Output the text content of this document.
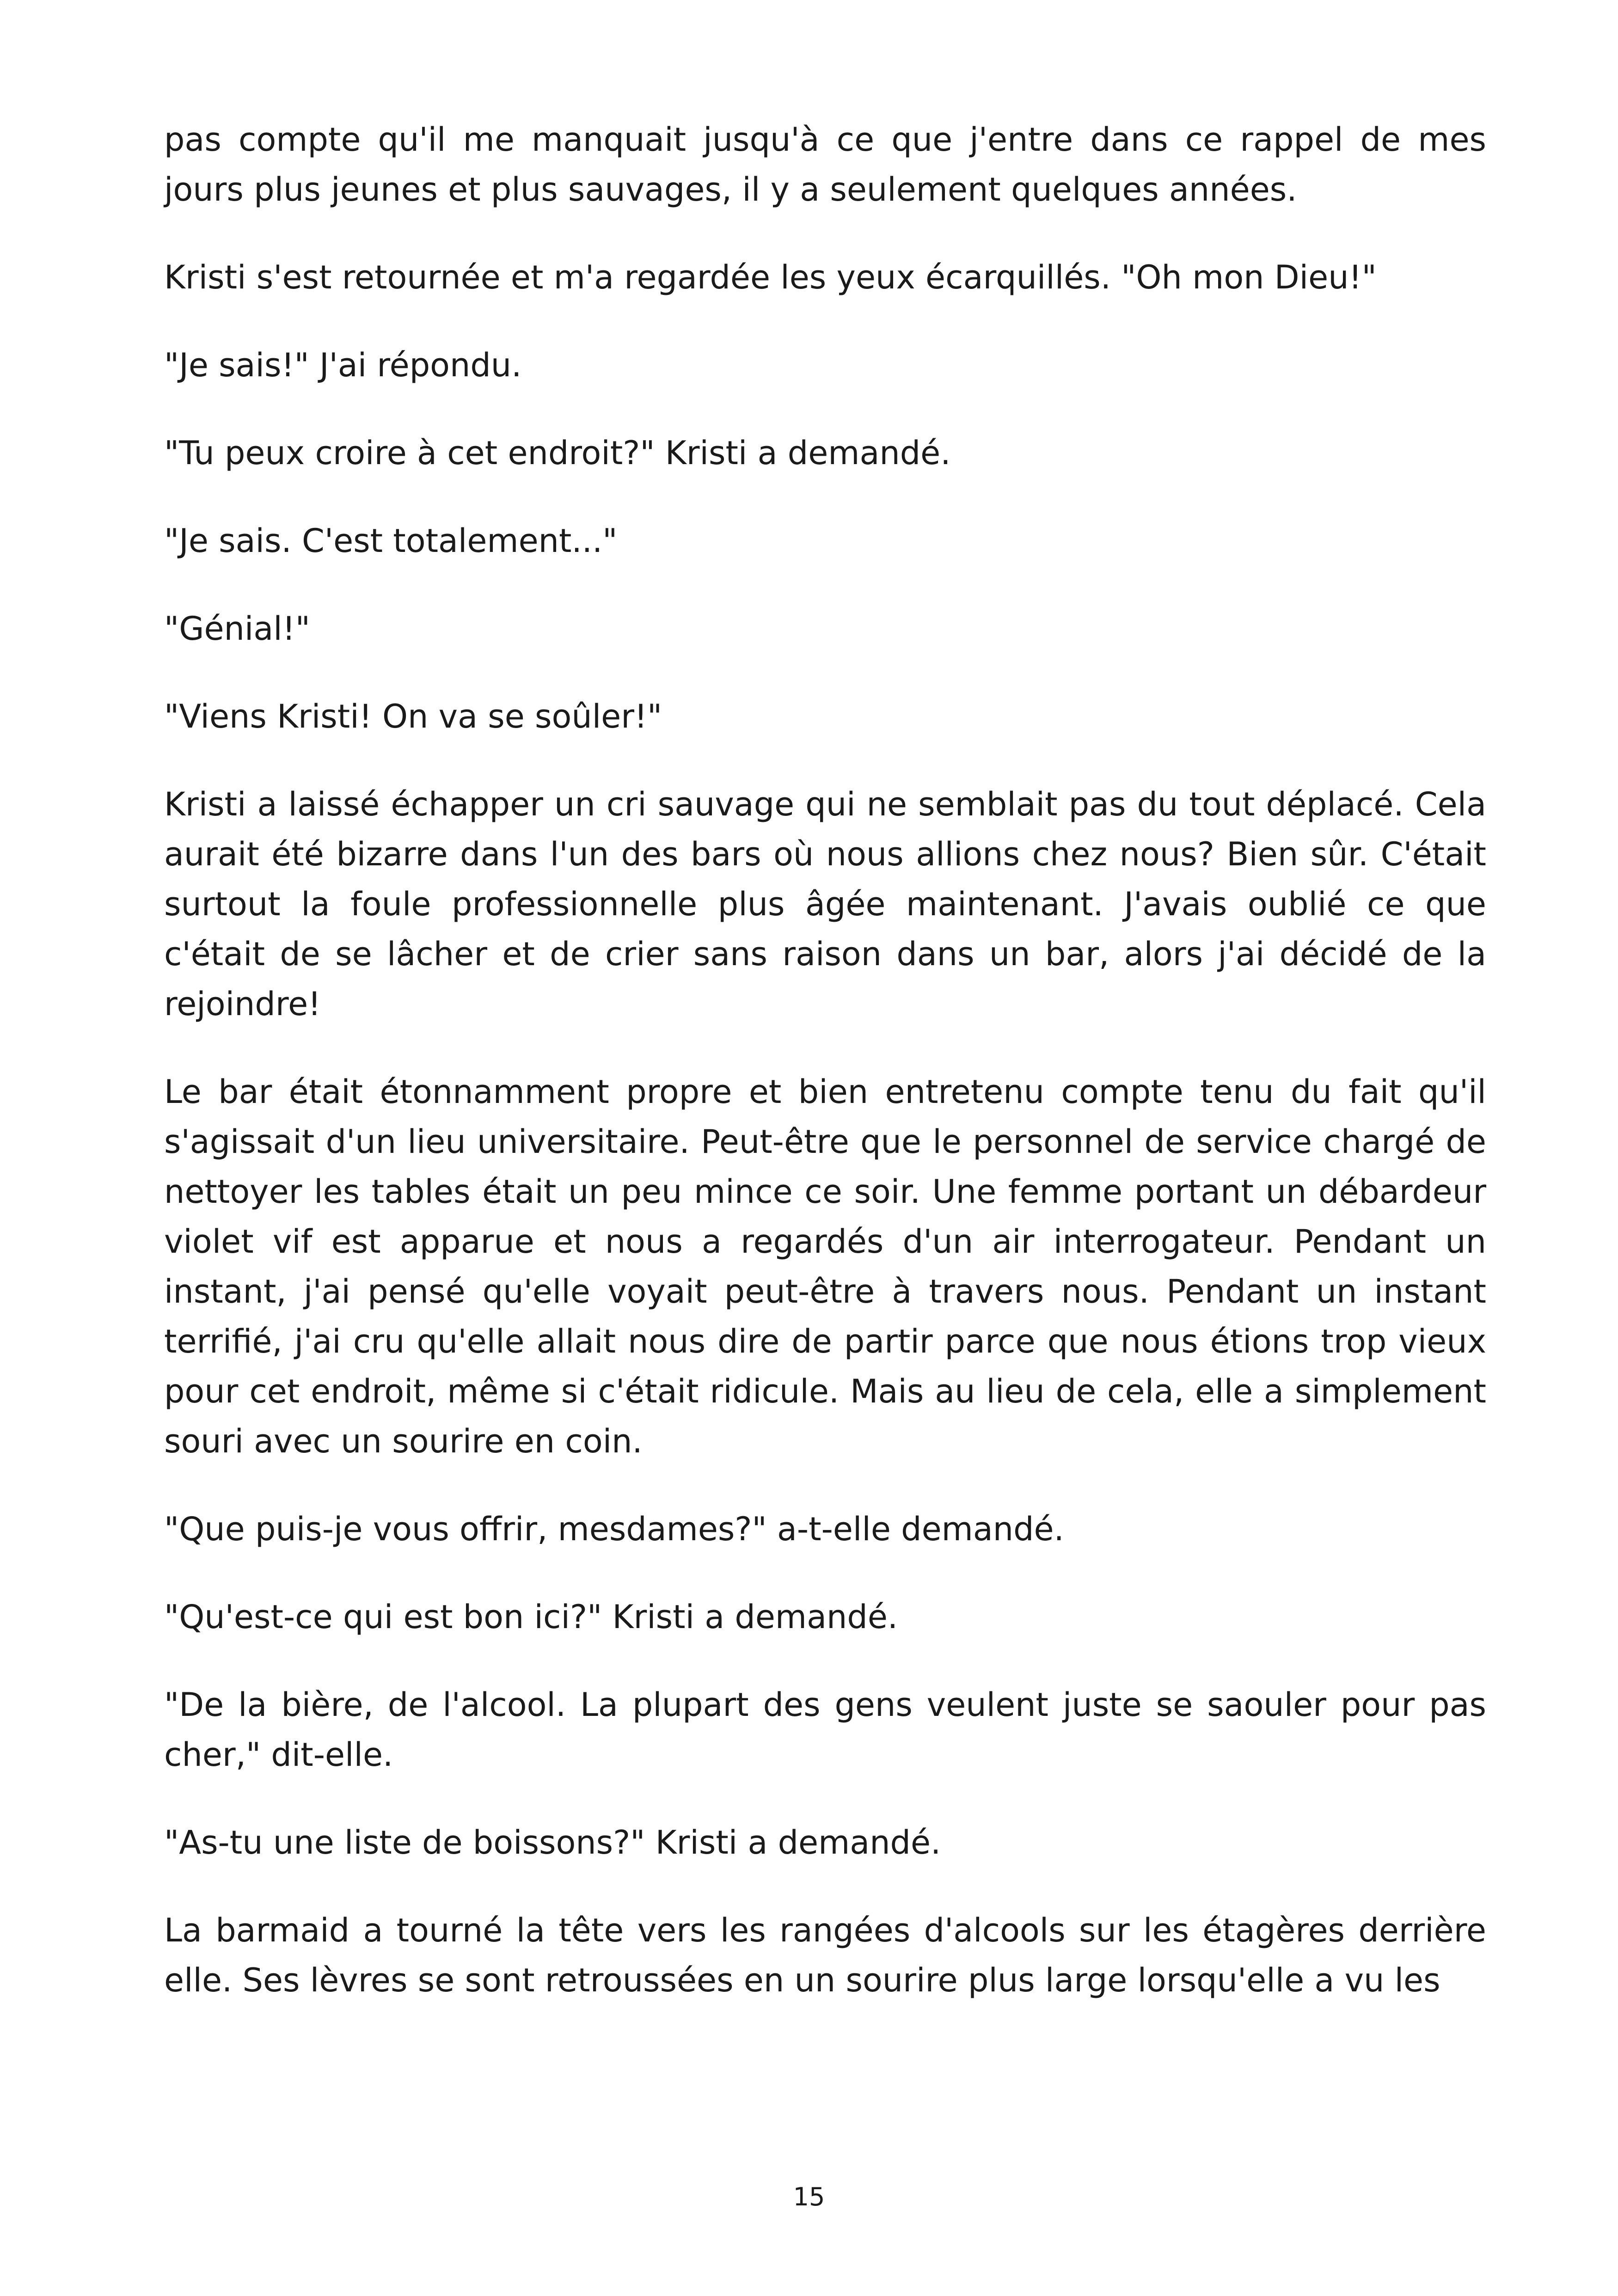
pas compte qu'il me manquait jusqu'à ce que j'entre dans ce rappel de mes jours plus jeunes et plus sauvages, il y a seulement quelques années.

Kristi s'est retournée et m'a regardée les yeux écarquillés. "Oh mon Dieu!"

"Je sais!" J'ai répondu.

"Tu peux croire à cet endroit?" Kristi a demandé.

"Je sais. C'est totalement..."

"Génial!"

"Viens Kristi! On va se soûler!"

Kristi a laissé échapper un cri sauvage qui ne semblait pas du tout déplacé. Cela aurait été bizarre dans l'un des bars où nous allions chez nous? Bien sûr. C'était surtout la foule professionnelle plus âgée maintenant. J'avais oublié ce que c'était de se lâcher et de crier sans raison dans un bar, alors j'ai décidé de la rejoindre!

Le bar était étonnamment propre et bien entretenu compte tenu du fait qu'il s'agissait d'un lieu universitaire. Peut-être que le personnel de service chargé de nettoyer les tables était un peu mince ce soir. Une femme portant un débardeur violet vif est apparue et nous a regardés d'un air interrogateur. Pendant un instant, j'ai pensé qu'elle voyait peut-être à travers nous. Pendant un instant terrifié, j'ai cru qu'elle allait nous dire de partir parce que nous étions trop vieux pour cet endroit, même si c'était ridicule. Mais au lieu de cela, elle a simplement souri avec un sourire en coin.

"Que puis-je vous offrir, mesdames?" a-t-elle demandé.

"Qu'est-ce qui est bon ici?" Kristi a demandé.

"De la bière, de l'alcool. La plupart des gens veulent juste se saouler pour pas cher," dit-elle.

"As-tu une liste de boissons?" Kristi a demandé.

La barmaid a tourné la tête vers les rangées d'alcools sur les étagères derrière elle. Ses lèvres se sont retroussées en un sourire plus large lorsqu'elle a vu les

15
